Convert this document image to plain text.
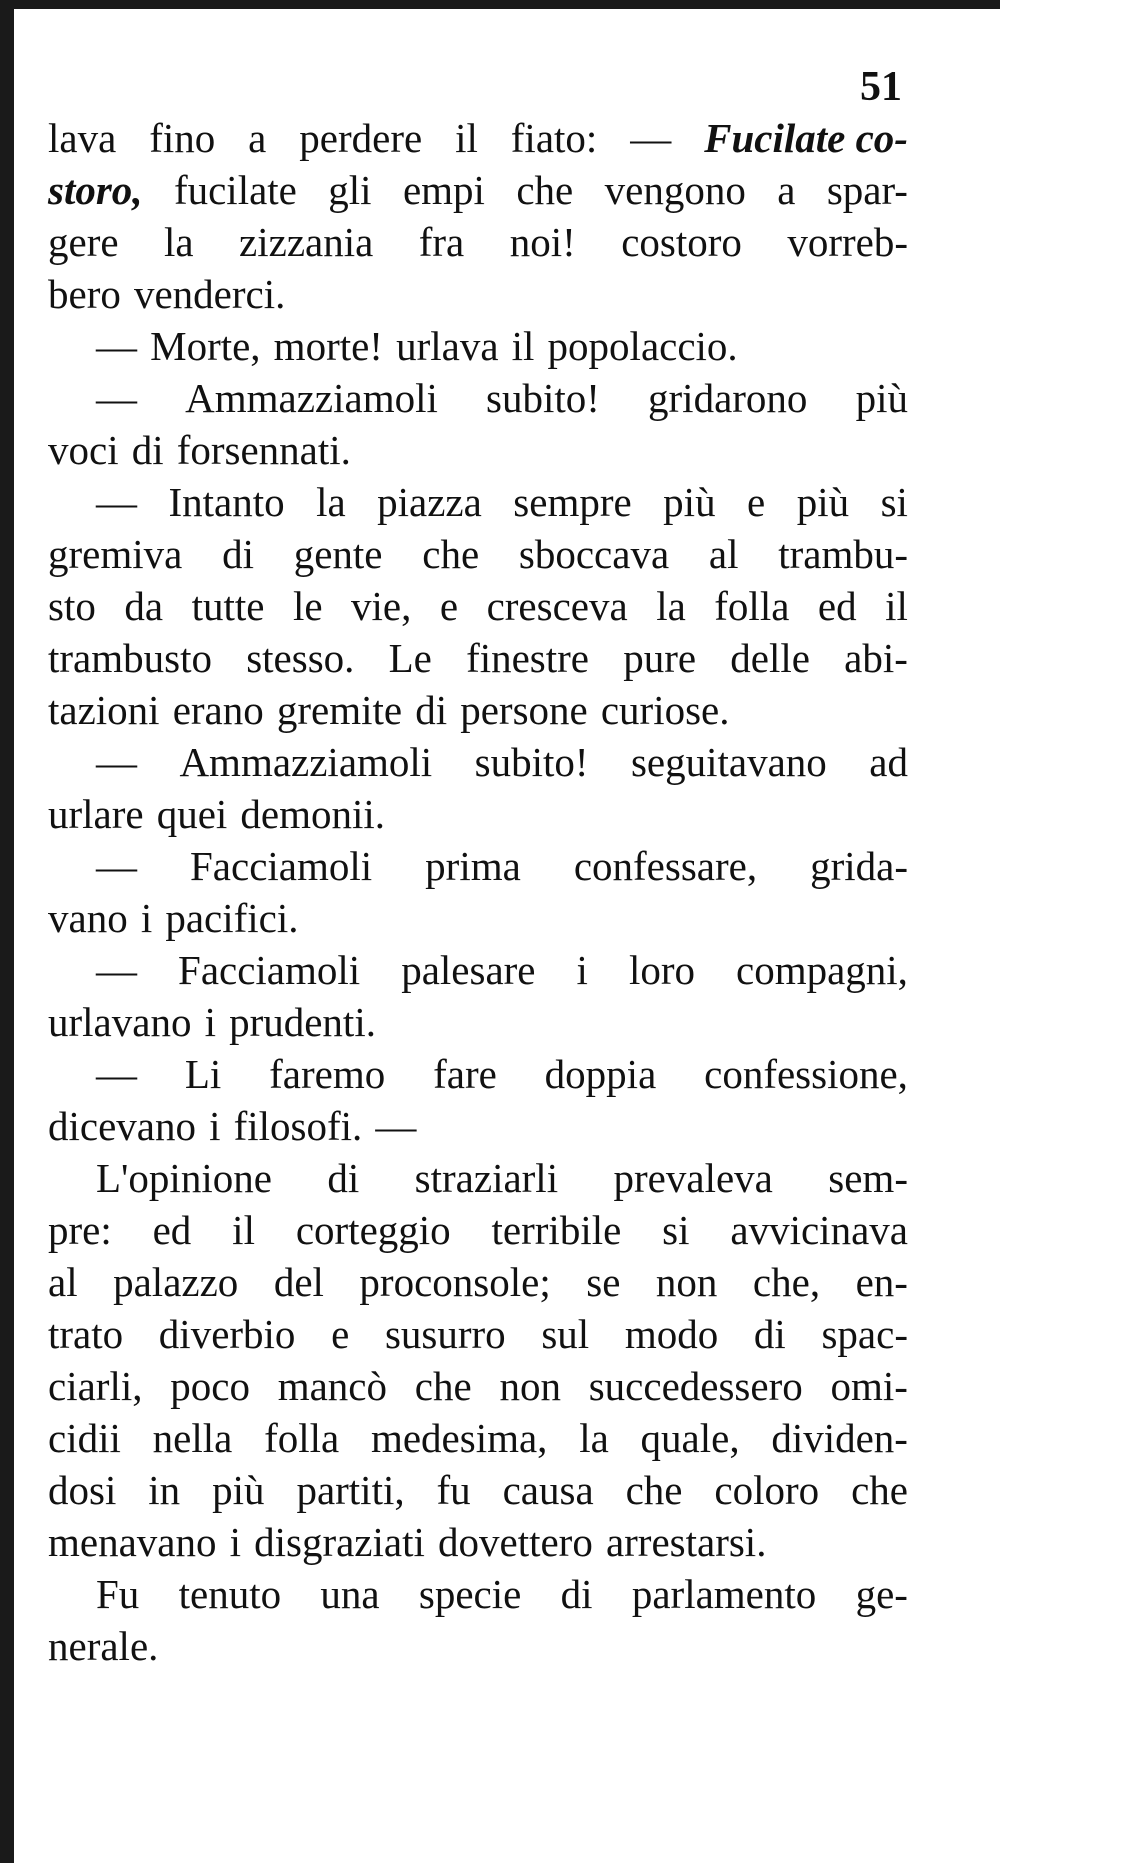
51

lava fino a perdere il fiato: — Fucilate co-
storo, fucilate gli empi che vengono a spar-
gere la zizzania fra noi! costoro vorreb-
bero venderci.
— Morte, morte! urlava il popolaccio.
— Ammazziamoli subito! gridarono più
voci di forsennati.
— Intanto la piazza sempre più e più si
gremiva di gente che sboccava al trambu-
sto da tutte le vie, e cresceva la folla ed il
trambusto stesso. Le finestre pure delle abi-
tazioni erano gremite di persone curiose.
— Ammazziamoli subito! seguitavano ad
urlare quei demonii.
— Facciamoli prima confessare, grida-
vano i pacifici.
— Facciamoli palesare i loro compagni,
urlavano i prudenti.
— Li faremo fare doppia confessione,
dicevano i filosofi. —
L'opinione di straziarli prevaleva sem-
pre: ed il corteggio terribile si avvicinava
al palazzo del proconsole; se non che, en-
trato diverbio e susurro sul modo di spac-
ciarli, poco mancò che non succedessero omi-
cidii nella folla medesima, la quale, dividen-
dosi in più partiti, fu causa che coloro che
menavano i disgraziati dovettero arrestarsi.
Fu tenuto una specie di parlamento ge-
nerale.
